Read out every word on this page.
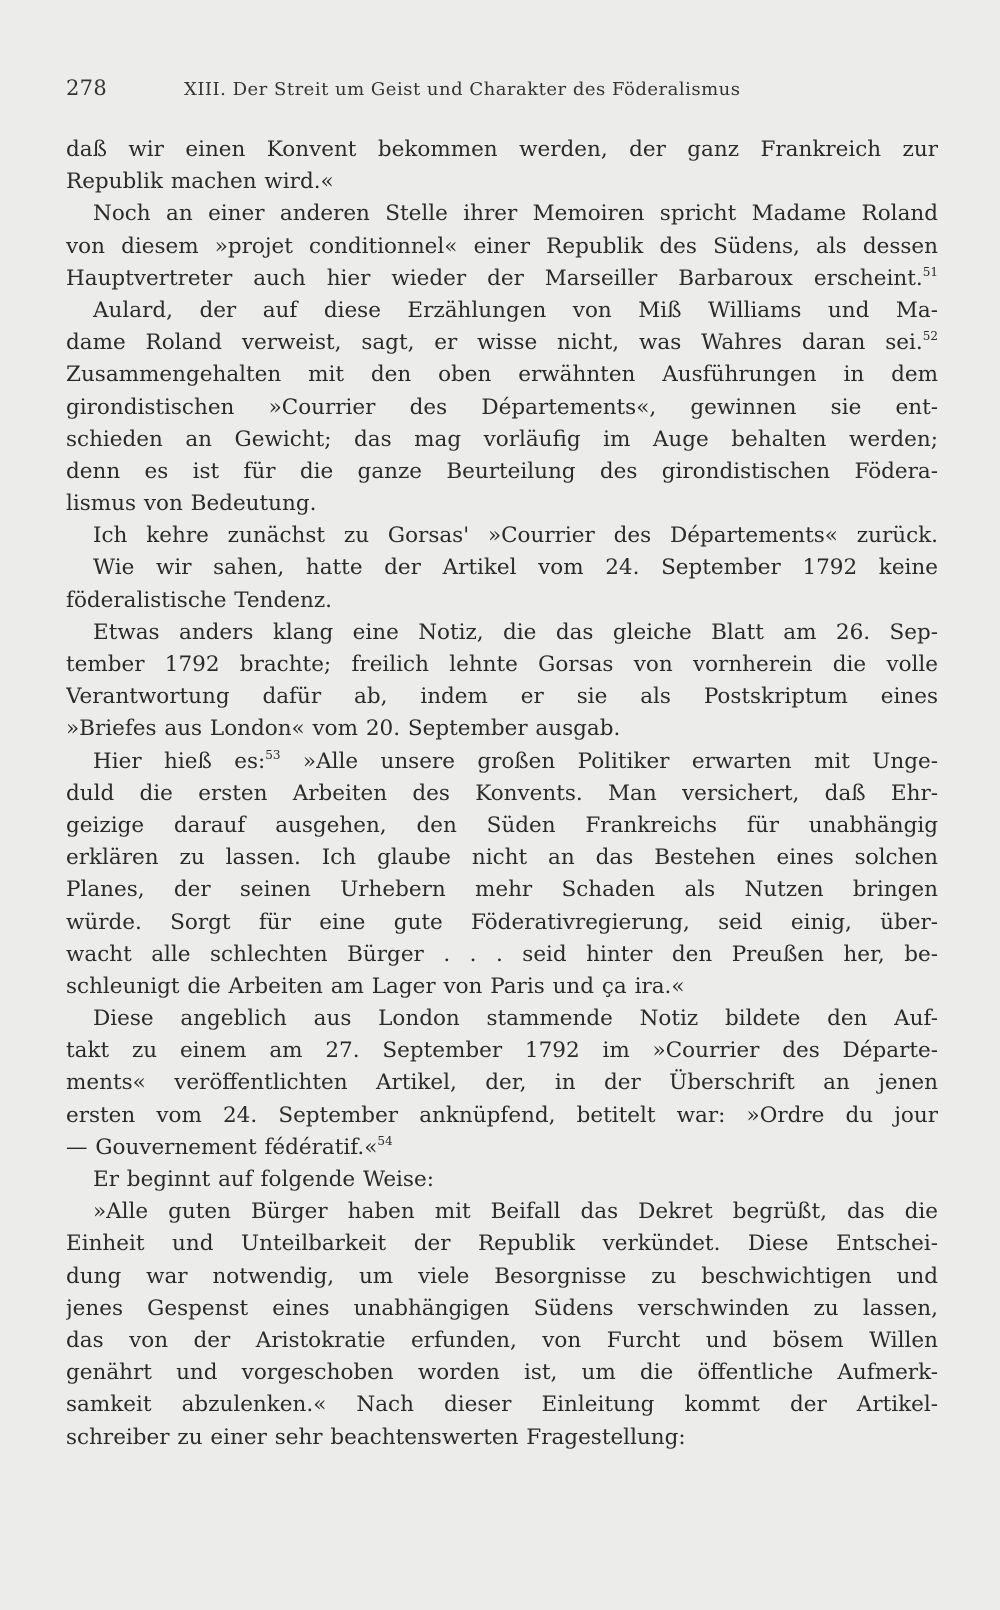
278	XIII. Der Streit um Geist und Charakter des Föderalismus
daß wir einen Konvent bekommen werden, der ganz Frankreich zur
Republik machen wird.«
Noch an einer anderen Stelle ihrer Memoiren spricht Madame Roland
von diesem »projet conditionnel« einer Republik des Südens, als dessen
Hauptvertreter auch hier wieder der Marseiller Barbaroux erscheint.$^{51}$
Aulard, der auf diese Erzählungen von Miß Williams und Ma-
dame Roland verweist, sagt, er wisse nicht, was Wahres daran sei.$^{52}$
Zusammengehalten mit den oben erwähnten Ausführungen in dem
girondistischen »Courrier des Départements«, gewinnen sie ent-
schieden an Gewicht; das mag vorläufig im Auge behalten werden;
denn es ist für die ganze Beurteilung des girondistischen Födera-
lismus von Bedeutung.
Ich kehre zunächst zu Gorsas' »Courrier des Départements« zurück.
Wie wir sahen, hatte der Artikel vom 24. September 1792 keine
föderalistische Tendenz.
Etwas anders klang eine Notiz, die das gleiche Blatt am 26. Sep-
tember 1792 brachte; freilich lehnte Gorsas von vornherein die volle
Verantwortung dafür ab, indem er sie als Postskriptum eines
»Briefes aus London« vom 20. September ausgab.
Hier hieß es:$^{53}$ »Alle unsere großen Politiker erwarten mit Unge-
duld die ersten Arbeiten des Konvents. Man versichert, daß Ehr-
geizige darauf ausgehen, den Süden Frankreichs für unabhängig
erklären zu lassen. Ich glaube nicht an das Bestehen eines solchen
Planes, der seinen Urhebern mehr Schaden als Nutzen bringen
würde. Sorgt für eine gute Föderativregierung, seid einig, über-
wacht alle schlechten Bürger . . . seid hinter den Preußen her, be-
schleunigt die Arbeiten am Lager von Paris und ça ira.«
Diese angeblich aus London stammende Notiz bildete den Auf-
takt zu einem am 27. September 1792 im »Courrier des Départe-
ments« veröffentlichten Artikel, der, in der Überschrift an jenen
ersten vom 24. September anknüpfend, betitelt war: »Ordre du jour
— Gouvernement fédératif.«$^{54}$
Er beginnt auf folgende Weise:
»Alle guten Bürger haben mit Beifall das Dekret begrüßt, das die
Einheit und Unteilbarkeit der Republik verkündet. Diese Entschei-
dung war notwendig, um viele Besorgnisse zu beschwichtigen und
jenes Gespenst eines unabhängigen Südens verschwinden zu lassen,
das von der Aristokratie erfunden, von Furcht und bösem Willen
genährt und vorgeschoben worden ist, um die öffentliche Aufmerk-
samkeit abzulenken.« Nach dieser Einleitung kommt der Artikel-
schreiber zu einer sehr beachtenswerten Fragestellung:
